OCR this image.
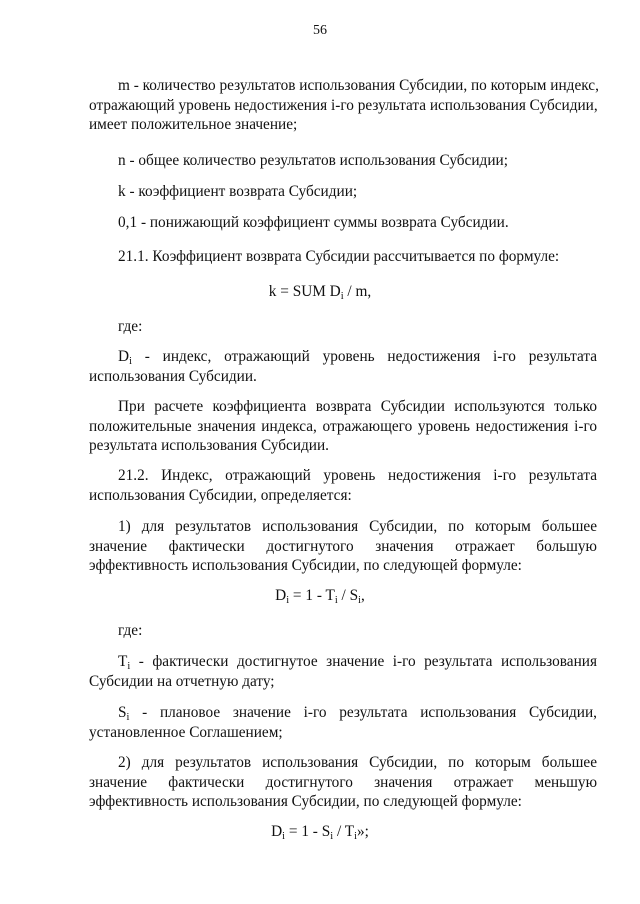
56
m - количество результатов использования Субсидии, по которым индекс,
отражающий уровень недостижения i-го результата использования Субсидии,
имеет положительное значение;
n - общее количество результатов использования Субсидии;
k - коэффициент возврата Субсидии;
0,1 - понижающий коэффициент суммы возврата Субсидии.
21.1. Коэффициент возврата Субсидии рассчитывается по формуле:
k = SUM $D_i$ / m,
где:
$D_i$ - индекс, отражающий уровень недостижения i-го результата
использования Субсидии.
При расчете коэффициента возврата Субсидии используются только
положительные значения индекса, отражающего уровень недостижения i-го
результата использования Субсидии.
21.2. Индекс, отражающий уровень недостижения i-го результата
использования Субсидии, определяется:
1) для результатов использования Субсидии, по которым большее
значение фактически достигнутого значения отражает большую
эффективность использования Субсидии, по следующей формуле:
$D_i = 1 - T_i / S_i$,
где:
$T_i$ - фактически достигнутое значение i-го результата использования
Субсидии на отчетную дату;
$S_i$ - плановое значение i-го результата использования Субсидии,
установленное Соглашением;
2) для результатов использования Субсидии, по которым большее
значение фактически достигнутого значения отражает меньшую
эффективность использования Субсидии, по следующей формуле:
$D_i = 1 - S_i / T_i$»;
